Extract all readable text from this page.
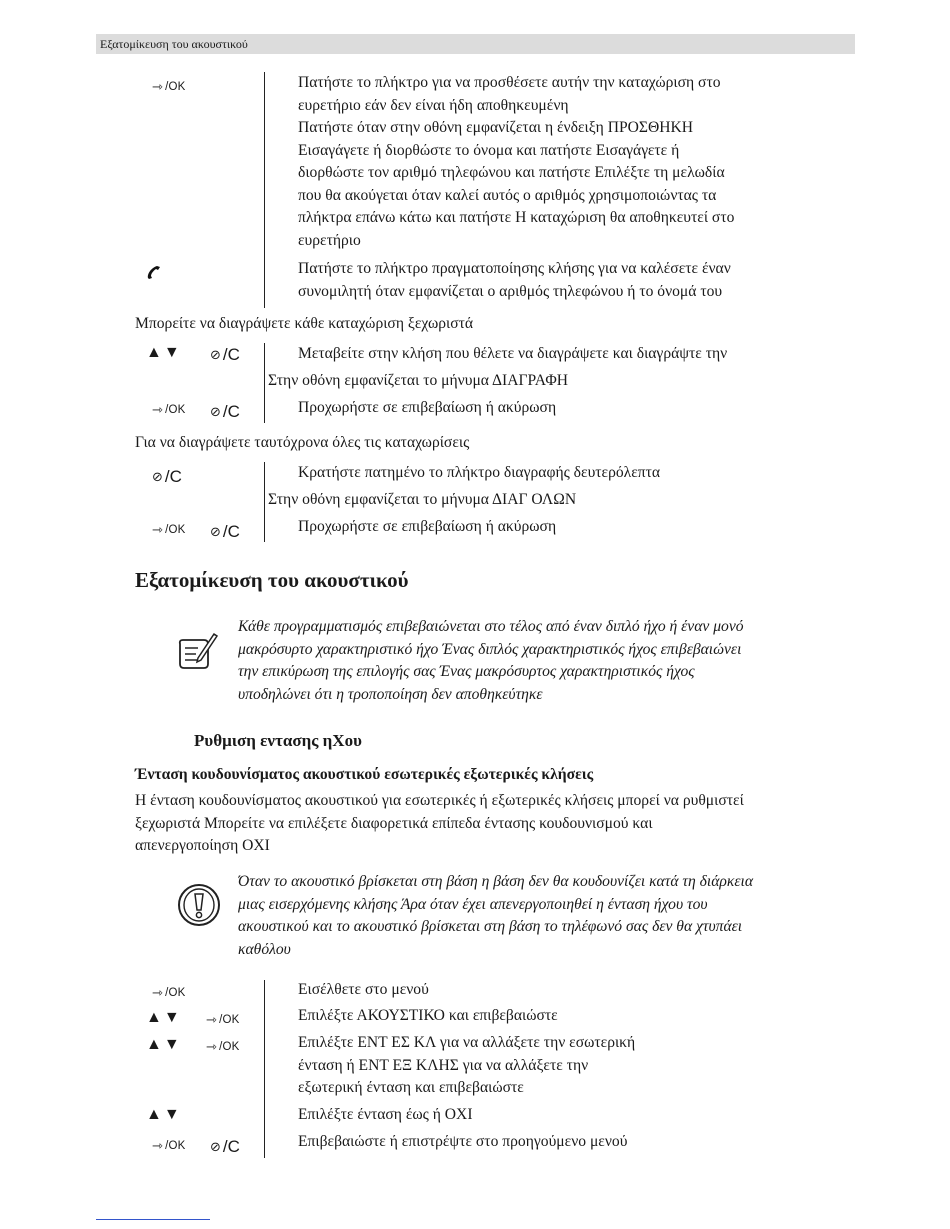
Εξατομίκευση του ακουστικού
⇾ /OK	Πατήστε το πλήκτρο για να προσθέσετε αυτήν την καταχώριση στο
ευρετήριο εάν δεν είναι ήδη αποθηκευμένη
Πατήστε όταν στην οθόνη εμφανίζεται η ένδειξη ΠΡΟΣΘΗΚΗ
Εισαγάγετε ή διορθώστε το όνομα και πατήστε Εισαγάγετε ή
διορθώστε τον αριθμό τηλεφώνου και πατήστε Επιλέξτε τη μελωδία
που θα ακούγεται όταν καλεί αυτός ο αριθμός χρησιμοποιώντας τα
πλήκτρα επάνω κάτω και πατήστε Η καταχώριση θα αποθηκευτεί στο
ευρετήριο
Πατήστε το πλήκτρο πραγματοποίησης κλήσης για να καλέσετε έναν
συνομιλητή όταν εμφανίζεται ο αριθμός τηλεφώνου ή το όνομά του
Μπορείτε να διαγράψετε κάθε καταχώριση ξεχωριστά
▲▼ ⊘ /C	Μεταβείτε στην κλήση που θέλετε να διαγράψετε και διαγράψτε την
Στην οθόνη εμφανίζεται το μήνυμα ΔΙΑΓΡΑΦΗ
⇾ /OK ⊘ /C	Προχωρήστε σε επιβεβαίωση ή ακύρωση
Για να διαγράψετε ταυτόχρονα όλες τις καταχωρίσεις
⊘ /C	Κρατήστε πατημένο το πλήκτρο διαγραφής δευτερόλεπτα
Στην οθόνη εμφανίζεται το μήνυμα ΔΙΑΓ ΟΛΩΝ
⇾ /OK ⊘ /C	Προχωρήστε σε επιβεβαίωση ή ακύρωση
Εξατομίκευση του ακουστικού
Κάθε προγραμματισμός επιβεβαιώνεται στο τέλος από έναν διπλό ήχο ή έναν μονό
μακρόσυρτο χαρακτηριστικό ήχο Ένας διπλός χαρακτηριστικός ήχος επιβεβαιώνει
την επικύρωση της επιλογής σας Ένας μακρόσυρτος χαρακτηριστικός ήχος
υποδηλώνει ότι η τροποποίηση δεν αποθηκεύτηκε
Ρυθμιση εντασης ηΧου
Ένταση κουδουνίσματος ακουστικού εσωτερικές εξωτερικές κλήσεις
Η ένταση κουδουνίσματος ακουστικού για εσωτερικές ή εξωτερικές κλήσεις μπορεί να ρυθμιστεί
ξεχωριστά Μπορείτε να επιλέξετε διαφορετικά επίπεδα έντασης κουδουνισμού και
απενεργοποίηση ΟΧΙ
Όταν το ακουστικό βρίσκεται στη βάση η βάση δεν θα κουδουνίζει κατά τη διάρκεια
μιας εισερχόμενης κλήσης Άρα όταν έχει απενεργοποιηθεί η ένταση ήχου του
ακουστικού και το ακουστικό βρίσκεται στη βάση το τηλέφωνό σας δεν θα χτυπάει
καθόλου
⇾ /OK	Εισέλθετε στο μενού
▲▼ ⇾ /OK	Επιλέξτε ΑΚΟΥΣΤΙΚΟ και επιβεβαιώστε
▲▼ ⇾ /OK	Επιλέξτε ΕΝΤ ΕΣ ΚΛ για να αλλάξετε την εσωτερική
ένταση ή ΕΝΤ ΕΞ ΚΛΗΣ για να αλλάξετε την
εξωτερική ένταση και επιβεβαιώστε
▲▼	Επιλέξτε ένταση έως ή ΟΧΙ
⇾ /OK ⊘ /C	Επιβεβαιώστε ή επιστρέψτε στο προηγούμενο μενού
